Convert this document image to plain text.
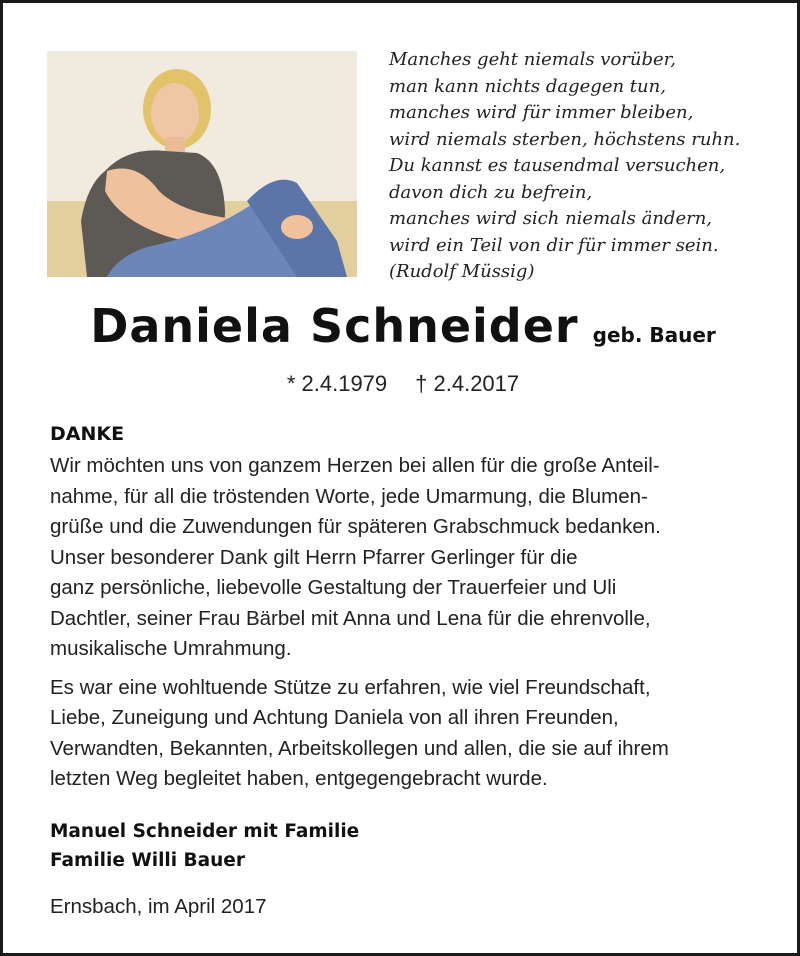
Manches geht niemals vorüber,
man kann nichts dagegen tun,
manches wird für immer bleiben,
wird niemals sterben, höchstens ruhn.
Du kannst es tausendmal versuchen,
davon dich zu befrein,
manches wird sich niemals ändern,
wird ein Teil von dir für immer sein.
(Rudolf Müssig)
Daniela Schneider geb. Bauer
* 2.4.1979 † 2.4.2017
DANKE
Wir möchten uns von ganzem Herzen bei allen für die große Anteil-
nahme, für all die tröstenden Worte, jede Umarmung, die Blumen-
grüße und die Zuwendungen für späteren Grabschmuck bedanken.
Unser besonderer Dank gilt Herrn Pfarrer Gerlinger für die
ganz persönliche, liebevolle Gestaltung der Trauerfeier und Uli
Dachtler, seiner Frau Bärbel mit Anna und Lena für die ehrenvolle,
musikalische Umrahmung.
Es war eine wohltuende Stütze zu erfahren, wie viel Freundschaft,
Liebe, Zuneigung und Achtung Daniela von all ihren Freunden,
Verwandten, Bekannten, Arbeitskollegen und allen, die sie auf ihrem
letzten Weg begleitet haben, entgegengebracht wurde.
Manuel Schneider mit Familie
Familie Willi Bauer
Ernsbach, im April 2017
